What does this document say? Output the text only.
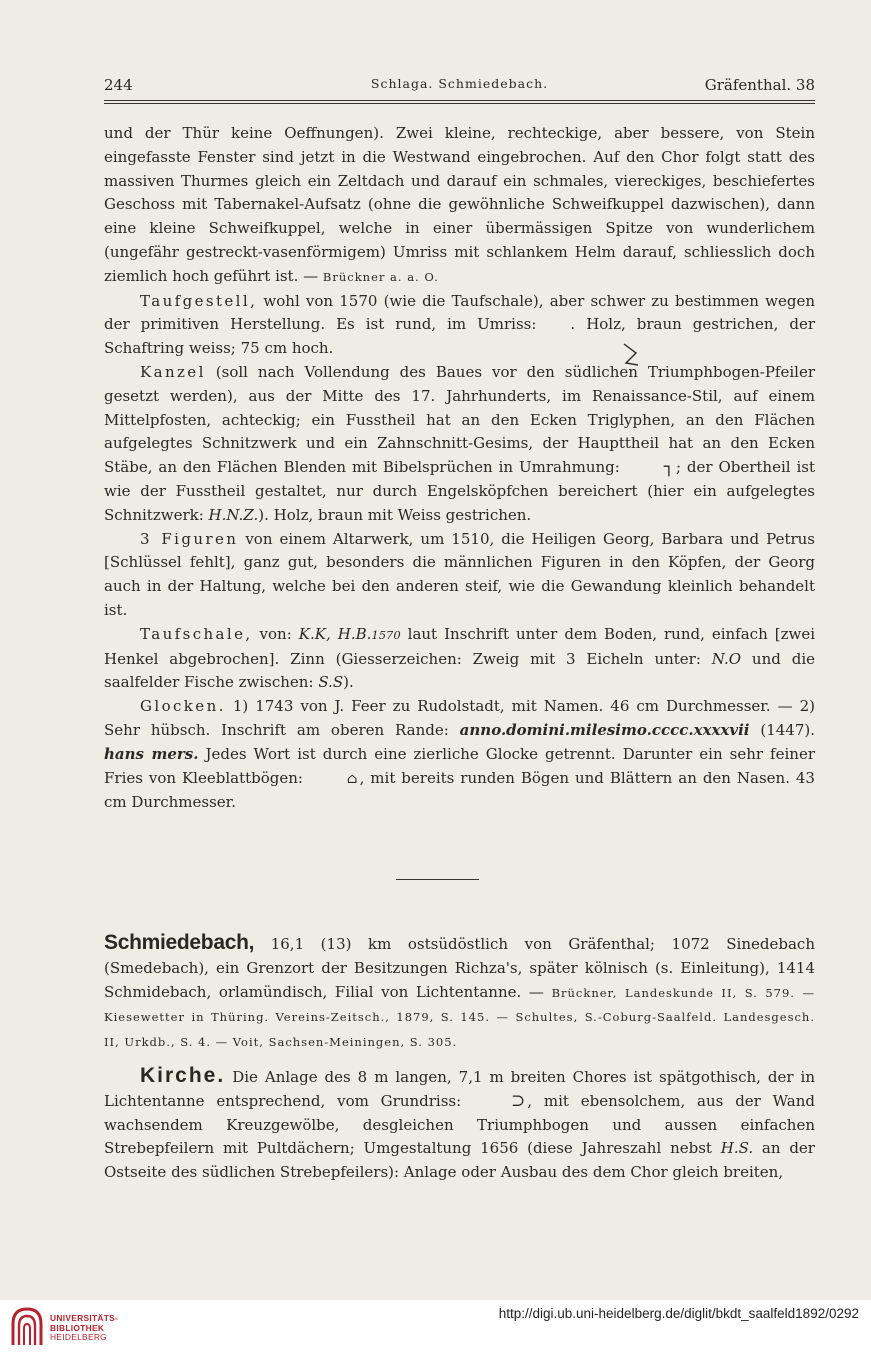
244	Schlaga. Schmiedebach.	Gräfenthal. 38

und der Thür keine Oeffnungen). Zwei kleine, rechteckige, aber bessere, von Stein eingefasste Fenster sind jetzt in die Westwand eingebrochen. Auf den Chor folgt statt des massiven Thurmes gleich ein Zeltdach und darauf ein schmales, viereckiges, beschiefertes Geschoss mit Tabernakel-Aufsatz (ohne die gewöhnliche Schweifkuppel dazwischen), dann eine kleine Schweifkuppel, welche in einer übermässigen Spitze von wunderlichem (ungefähr gestreckt-vasenförmigem) Umriss mit schlankem Helm darauf, schliesslich doch ziemlich hoch geführt ist. — Brückner a. a. O.

Taufgestell, wohl von 1570 (wie die Taufschale), aber schwer zu bestimmen wegen der primitiven Herstellung. Es ist rund, im Umriss: . Holz, braun gestrichen, der Schaftring weiss; 75 cm hoch.

Kanzel (soll nach Vollendung des Baues vor den südlichen Triumphbogen-Pfeiler gesetzt werden), aus der Mitte des 17. Jahrhunderts, im Renaissance-Stil, auf einem Mittelpfosten, achteckig; ein Fusstheil hat an den Ecken Triglyphen, an den Flächen aufgelegtes Schnitzwerk und ein Zahnschnitt-Gesims, der Haupttheil hat an den Ecken Stäbe, an den Flächen Blenden mit Bibelsprüchen in Umrahmung:	┐ ; der Obertheil ist wie der Fusstheil gestaltet, nur durch Engelsköpfchen bereichert (hier ein aufgelegtes Schnitzwerk: H.N.Z.). Holz, braun mit Weiss gestrichen.

3 Figuren von einem Altarwerk, um 1510, die Heiligen Georg, Barbara und Petrus [Schlüssel fehlt], ganz gut, besonders die männlichen Figuren in den Köpfen, der Georg auch in der Haltung, welche bei den anderen steif, wie die Gewandung kleinlich behandelt ist.

Taufschale, von: K.K, H.B.1570 laut Inschrift unter dem Boden, rund, einfach [zwei Henkel abgebrochen]. Zinn (Giesserzeichen: Zweig mit 3 Eicheln unter: N.O und die saalfelder Fische zwischen: S.S).

Glocken. 1) 1743 von J. Feer zu Rudolstadt, mit Namen. 46 cm Durchmesser. — 2) Sehr hübsch. Inschrift am oberen Rande: anno.domini.milesimo.cccc.xxxxvii (1447). hans mers. Jedes Wort ist durch eine zierliche Glocke getrennt. Darunter ein sehr feiner Fries von Kleeblattbögen:	⌂ , mit bereits runden Bögen und Blättern an den Nasen. 43 cm Durchmesser.

Schmiedebach, 16,1 (13) km ostsüdöstlich von Gräfenthal; 1072 Sinedebach (Smedebach), ein Grenzort der Besitzungen Richza's, später kölnisch (s. Einleitung), 1414 Schmidebach, orlamündisch, Filial von Lichtentanne. — Brückner, Landeskunde II, S. 579. — Kiesewetter in Thüring. Vereins-Zeitsch., 1879, S. 145. — Schultes, S.-Coburg-Saalfeld. Landesgesch. II, Urkdb., S. 4. — Voit, Sachsen-Meiningen, S. 305.

Kirche. Die Anlage des 8 m langen, 7,1 m breiten Chores ist spätgothisch, der in Lichtentanne entsprechend, vom Grundriss:	⊃ , mit ebensolchem, aus der Wand wachsendem Kreuzgewölbe, desgleichen Triumphbogen und aussen einfachen Strebepfeilern mit Pultdächern; Umgestaltung 1656 (diese Jahreszahl nebst H.S. an der Ostseite des südlichen Strebepfeilers): Anlage oder Ausbau des dem Chor gleich breiten,

UNIVERSITÄTS-
BIBLIOTHEK
HEIDELBERG
http://digi.ub.uni-heidelberg.de/diglit/bkdt_saalfeld1892/0292
